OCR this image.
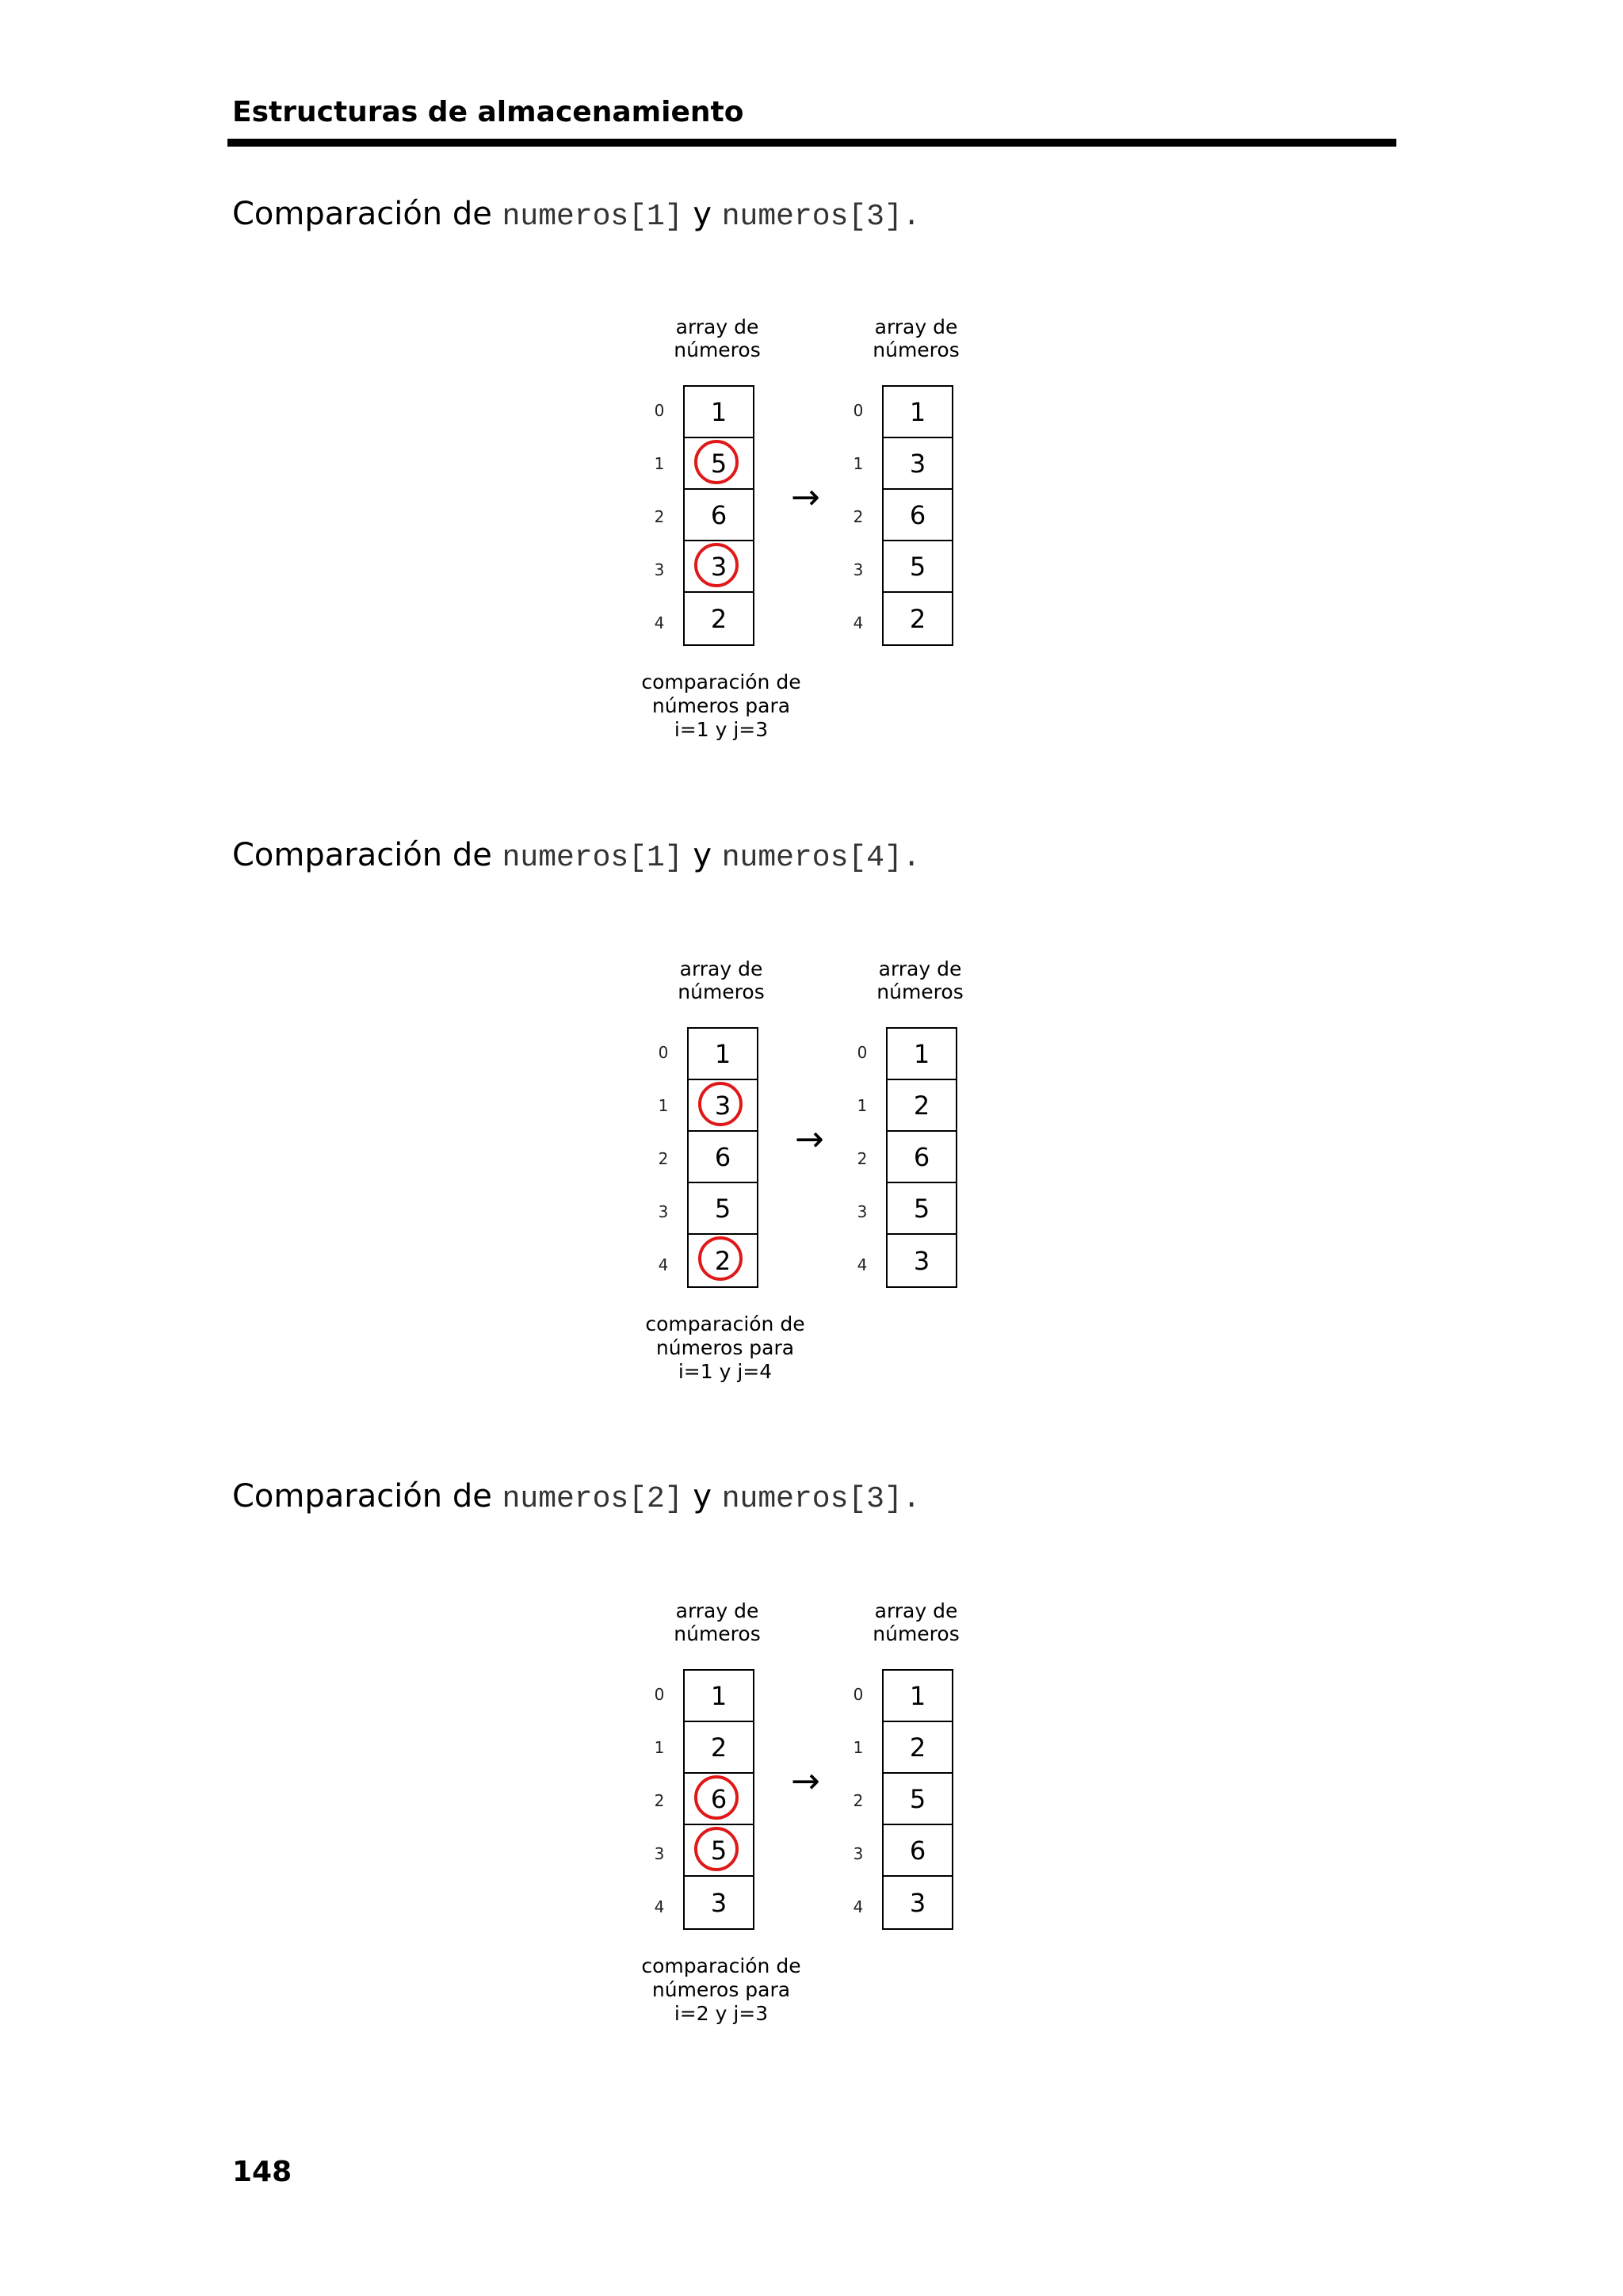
Estructuras de almacenamiento
Comparación de numeros[1] y numeros[3].
Comparación de numeros[1] y numeros[4].
Comparación de numeros[2] y numeros[3].
148
array de
números
0
1
2
3
4
1
5
6
3
2
array de
números
0
1
2
3
4
1
3
6
5
2
→
comparación de
números para
i=1 y j=3
array de
números
0
1
2
3
4
1
3
6
5
2
array de
números
0
1
2
3
4
1
2
6
5
3
→
comparación de
números para
i=1 y j=4
array de
números
0
1
2
3
4
1
2
6
5
3
array de
números
0
1
2
3
4
1
2
5
6
3
→
comparación de
números para
i=2 y j=3
